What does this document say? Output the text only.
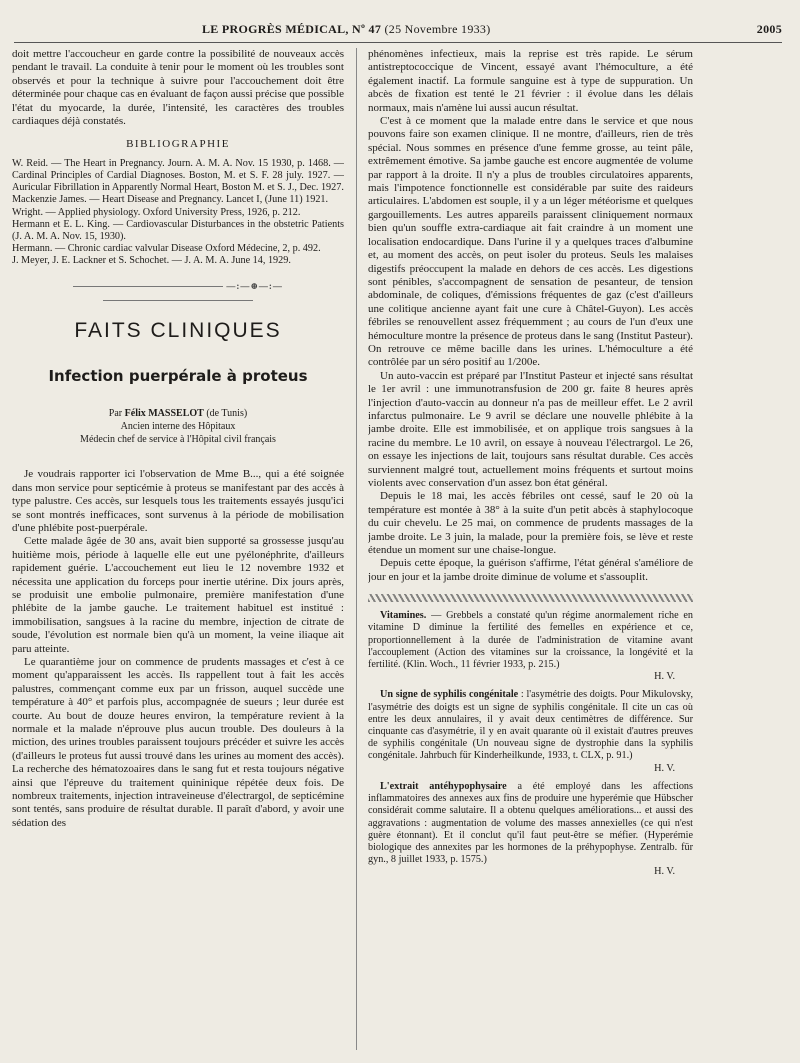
LE PROGRÈS MÉDICAL, Nº 47 (25 Novembre 1933)	2005

doit mettre l'accoucheur en garde contre la possibilité de nouveaux accès pendant le travail. La conduite à tenir pour le moment où les troubles sont observés et pour la technique à suivre pour l'accouchement doit être déterminée pour chaque cas en évaluant de façon aussi précise que possible l'état du myocarde, la durée, l'intensité, les caractères des troubles cardiaques déjà constatés.

BIBLIOGRAPHIE

W. Reid. — The Heart in Pregnancy. Journ. A. M. A. Nov. 15 1930, p. 1468. — Cardinal Principles of Cardial Diagnoses. Boston, M. et S. F. 28 july. 1927. — Auricular Fibrillation in Apparently Normal Heart, Boston M. et S. J., Dec. 1927.

Mackenzie James. — Heart Disease and Pregnancy. Lancet I, (June 11) 1921.

Wright. — Applied physiology. Oxford University Press, 1926, p. 212.

Hermann et E. L. King. — Cardiovascular Disturbances in the obstetric Patients (J. A. M. A. Nov. 15, 1930).

Hermann. — Chronic cardiac valvular Disease Oxford Médecine, 2, p. 492.

J. Meyer, J. E. Lackner et S. Schochet. — J. A. M. A. June 14, 1929.

—:—⊕—:—
FAITS CLINIQUES
Infection puerpérale à proteus
Par Félix MASSELOT (de Tunis)
Ancien interne des Hôpitaux
Médecin chef de service à l'Hôpital civil français

Je voudrais rapporter ici l'observation de Mme B..., qui a été soignée dans mon service pour septicémie à proteus se manifestant par des accès à type palustre. Ces accès, sur lesquels tous les traitements essayés jusqu'ici se sont montrés inefficaces, sont survenus à la période de mobilisation d'une phlébite post-puerpérale.

Cette malade âgée de 30 ans, avait bien supporté sa grossesse jusqu'au huitième mois, période à laquelle elle eut une pyélonéphrite, d'ailleurs rapidement guérie. L'accouchement eut lieu le 12 novembre 1932 et nécessita une application du forceps pour inertie utérine. Dix jours après, se produisit une embolie pulmonaire, première manifestation d'une phlébite de la jambe gauche. Le traitement habituel est institué : immobilisation, sangsues à la racine du membre, injection de citrate de soude, l'évolution est normale bien qu'à un moment, la veine iliaque ait paru atteinte.

Le quarantième jour on commence de prudents massages et c'est à ce moment qu'apparaissent les accès. Ils rappellent tout à fait les accès palustres, commençant comme eux par un frisson, auquel succède une température à 40° et parfois plus, accompagnée de sueurs ; leur durée est courte. Au bout de douze heures environ, la température revient à la normale et la malade n'éprouve plus aucun trouble. Des douleurs à la miction, des urines troubles paraissent toujours précéder et suivre les accès (d'ailleurs le proteus fut aussi trouvé dans les urines au moment des accès). La recherche des hématozoaires dans le sang fut et resta toujours négative ainsi que l'épreuve du traitement quininique répétée deux fois. De nombreux traitements, injection intraveineuse d'électrargol, de septicémine sont tentés, sans produire de résultat durable. Il paraît d'abord, y avoir une sédation des

phénomènes infectieux, mais la reprise est très rapide. Le sérum antistreptococcique de Vincent, essayé avant l'hémoculture, a été également inactif. La formule sanguine est à type de suppuration. Un abcès de fixation est tenté le 21 février : il évolue dans les délais normaux, mais n'amène lui aussi aucun résultat.

C'est à ce moment que la malade entre dans le service et que nous pouvons faire son examen clinique. Il ne montre, d'ailleurs, rien de très spécial. Nous sommes en présence d'une femme grosse, au teint pâle, extrêmement émotive. Sa jambe gauche est encore augmentée de volume par rapport à la droite. Il n'y a plus de troubles circulatoires apparents, mais l'impotence fonctionnelle est considérable par suite des raideurs articulaires. L'abdomen est souple, il y a un léger météorisme et quelques gargouillements. Les autres appareils paraissent cliniquement normaux bien qu'un souffle extra-cardiaque ait fait craindre à un moment une localisation endocardique. Dans l'urine il y a quelques traces d'albumine et, au moment des accès, on peut isoler du proteus. Seuls les malaises digestifs préoccupent la malade en dehors de ces accès. Les digestions sont pénibles, s'accompagnent de sensation de pesanteur, de tension abdominale, de coliques, d'émissions fréquentes de gaz (c'est d'ailleurs une colitique ancienne ayant fait une cure à Châtel-Guyon). Les accès fébriles se renouvellent assez fréquemment ; au cours de l'un d'eux une hémoculture montre la présence de proteus dans le sang (Institut Pasteur). On retrouve ce même bacille dans les urines. L'hémoculture a été contrôlée par un séro positif au 1/200e.

Un auto-vaccin est préparé par l'Institut Pasteur et injecté sans résultat le 1er avril : une immunotransfusion de 200 gr. faite 8 heures après l'injection d'auto-vaccin au donneur n'a pas de meilleur effet. Le 2 avril infarctus pulmonaire. Le 9 avril se déclare une nouvelle phlébite à la jambe droite. Elle est immobilisée, et on applique trois sangsues à la racine du membre. Le 10 avril, on essaye à nouveau l'électrargol. Le 26, on essaye les injections de lait, toujours sans résultat durable. Ces accès surviennent malgré tout, actuellement moins fréquents et surtout moins violents avec conservation d'un assez bon état général.

Depuis le 18 mai, les accès fébriles ont cessé, sauf le 20 où la température est montée à 38° à la suite d'un petit abcès à staphylocoque du cuir chevelu. Le 25 mai, on commence de prudents massages de la jambe droite. Le 3 juin, la malade, pour la première fois, se lève et reste étendue un moment sur une chaise-longue.

Depuis cette époque, la guérison s'affirme, l'état général s'améliore de jour en jour et la jambe droite diminue de volume et s'assouplit.

Vitamines. — Grebbels a constaté qu'un régime anormalement riche en vitamine D diminue la fertilité des femelles en expérience et ce, proportionnellement à la durée de l'administration de vitamine avant l'accouplement (Action des vitamines sur la croissance, la longévité et la fertilité. (Klin. Woch., 11 février 1933, p. 215.)

H. V.

Un signe de syphilis congénitale : l'asymétrie des doigts. Pour Mikulovsky, l'asymétrie des doigts est un signe de syphilis congénitale. Il cite un cas où entre les deux annulaires, il y avait deux centimètres de différence. Sur cinquante cas d'asymétrie, il y en avait quarante où il existait d'autres preuves de syphilis congénitale (Un nouveau signe de dystrophie dans la syphilis congénitale. Jahrbuch für Kinderheilkunde, 1933, t. CLX, p. 91.)

H. V.

L'extrait antéhypophysaire a été employé dans les affections inflammatoires des annexes aux fins de produire une hyperémie que Hübscher considérait comme salutaire. Il a obtenu quelques améliorations... et aussi des aggravations : augmentation de volume des masses annexielles (ce qui n'est guère étonnant). Et il conclut qu'il faut peut-être se méfier. (Hyperémie biologique des annexites par les hormones de la préhypophyse. Zentralb. für gyn., 8 juillet 1933, p. 1575.)

H. V.
